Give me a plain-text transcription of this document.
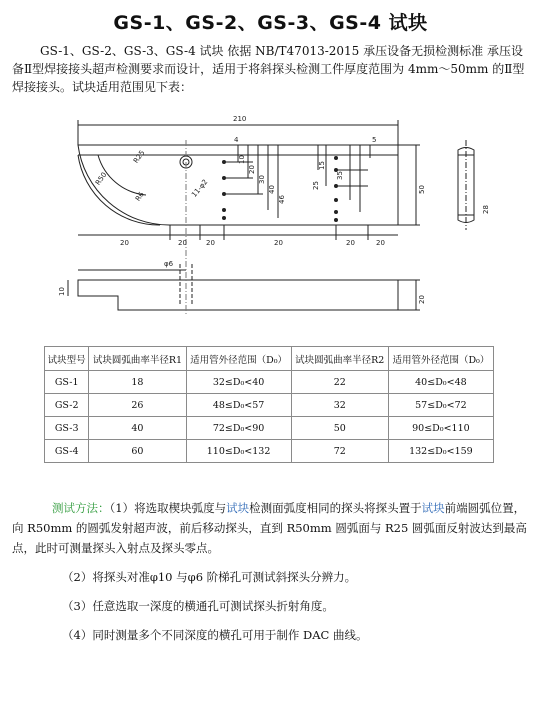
GS-1、GS-2、GS-3、GS-4 试块

GS-1、GS-2、GS-3、GS-4 试块 依据 NB/T47013-2015 承压设备无损检测标准 承压设备Ⅱ型焊接接头超声检测要求而设计，适用于将斜探头检测工件厚度范围为 4mm～50mm 的Ⅱ型焊接接头。试块适用范围见下表：

210
4
10
20
30
40
46
5
15
35
25	50
20	20	20	20	20	20
28
10
20
φ6
R25
R50
R6	11-φ2
试块型号	试块圆弧曲率半径R1	适用管外径范围（D₀）	试块圆弧曲率半径R2	适用管外径范围（D₀）
GS-1	18	32≤D₀<40	22	40≤D₀<48
GS-2	26	48≤D₀<57	32	57≤D₀<72
GS-3	40	72≤D₀<90	50	90≤D₀<110
GS-4	60	110≤D₀<132	72	132≤D₀<159

测试方法：（1）将选取楔块弧度与试块检测面弧度相同的探头将探头置于试块前端圆弧位置，向 R50mm 的圆弧发射超声波，前后移动探头，直到 R50mm 圆弧面与 R25 圆弧面反射波达到最高点，此时可测量探头入射点及探头零点。

（2）将探头对准φ10 与φ6 阶梯孔可测试斜探头分辨力。

（3）任意选取一深度的横通孔可测试探头折射角度。

（4）同时测量多个不同深度的横孔可用于制作 DAC 曲线。
